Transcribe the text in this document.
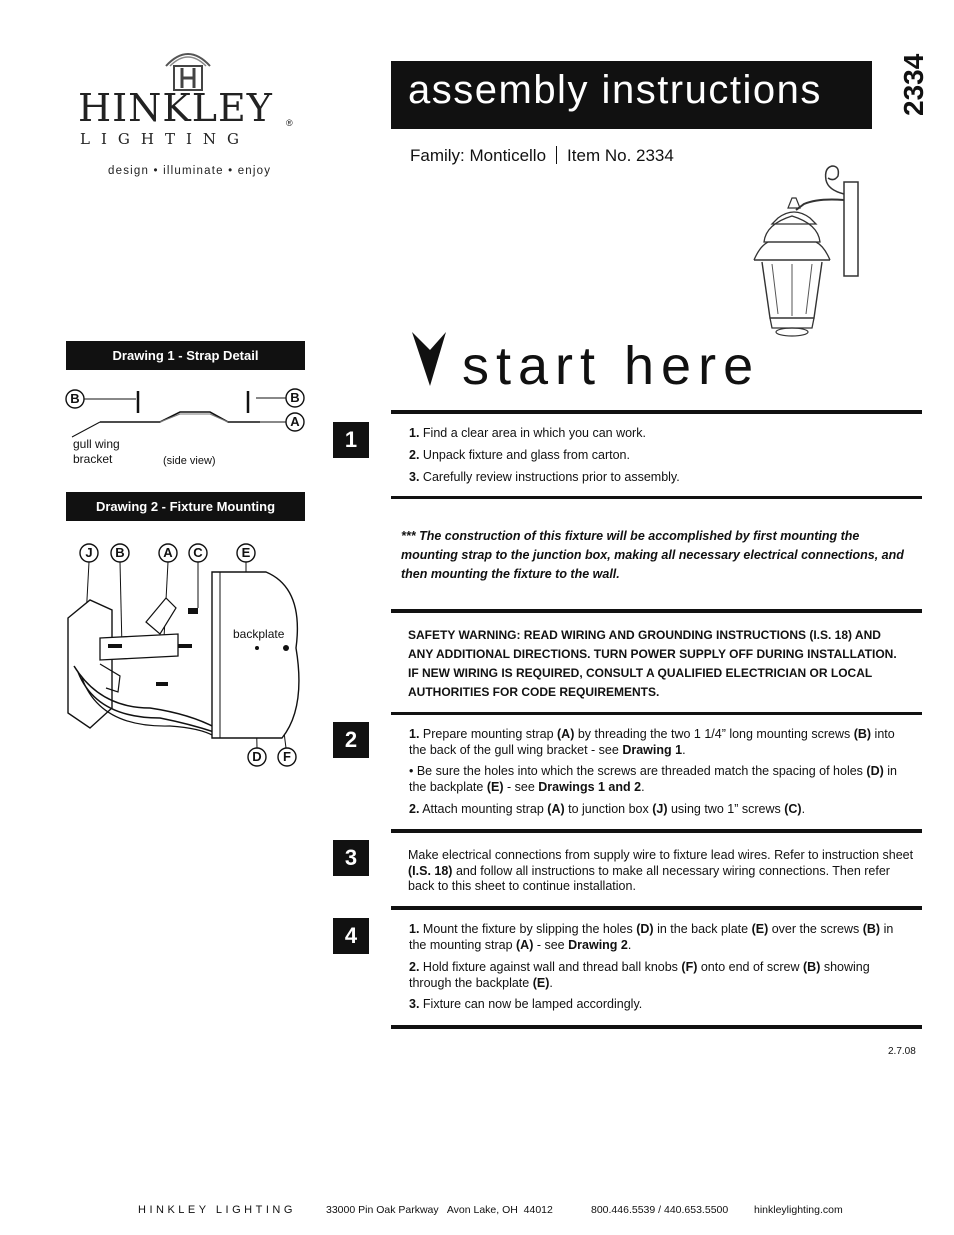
HINKLEY ®
LIGHTING
design • illuminate • enjoy
assembly instructions	2334
Family: Monticello Item No. 2334
start here
Drawing 1 - Strap Detail
B	B
A
gull wing
bracket	(side view)
Drawing 2 - Fixture Mounting
J B	A C	E
D F
backplate
1	1. Find a clear area in which you can work.
2. Unpack fixture and glass from carton.
3. Carefully review instructions prior to assembly.
*** The construction of this fixture will be accomplished by first mounting the mounting strap to the junction box, making all necessary electrical connections, and then mounting the fixture to the wall.
SAFETY WARNING: READ WIRING AND GROUNDING INSTRUCTIONS (I.S. 18) AND ANY ADDITIONAL DIRECTIONS. TURN POWER SUPPLY OFF DURING INSTALLATION. IF NEW WIRING IS REQUIRED, CONSULT A QUALIFIED ELECTRICIAN OR LOCAL AUTHORITIES FOR CODE REQUIREMENTS.
2	1. Prepare mounting strap (A) by threading the two 1 1/4” long mounting screws (B) into the back of the gull wing bracket - see Drawing 1.
• Be sure the holes into which the screws are threaded match the spacing of holes (D) in the backplate (E) - see Drawings 1 and 2.
2. Attach mounting strap (A) to junction box (J) using two 1” screws (C).
3	Make electrical connections from supply wire to fixture lead wires. Refer to instruction sheet (I.S. 18) and follow all instructions to make all necessary wiring connections. Then refer back to this sheet to continue installation.
4	1. Mount the fixture by slipping the holes (D) in the back plate (E) over the screws (B) in the mounting strap (A) - see Drawing 2.
2. Hold fixture against wall and thread ball knobs (F) onto end of screw (B) showing through the backplate (E).
3. Fixture can now be lamped accordingly.
2.7.08
HINKLEY LIGHTING	33000 Pin Oak Parkway   Avon Lake, OH  44012	800.446.5539 / 440.653.5500 hinkleylighting.com
